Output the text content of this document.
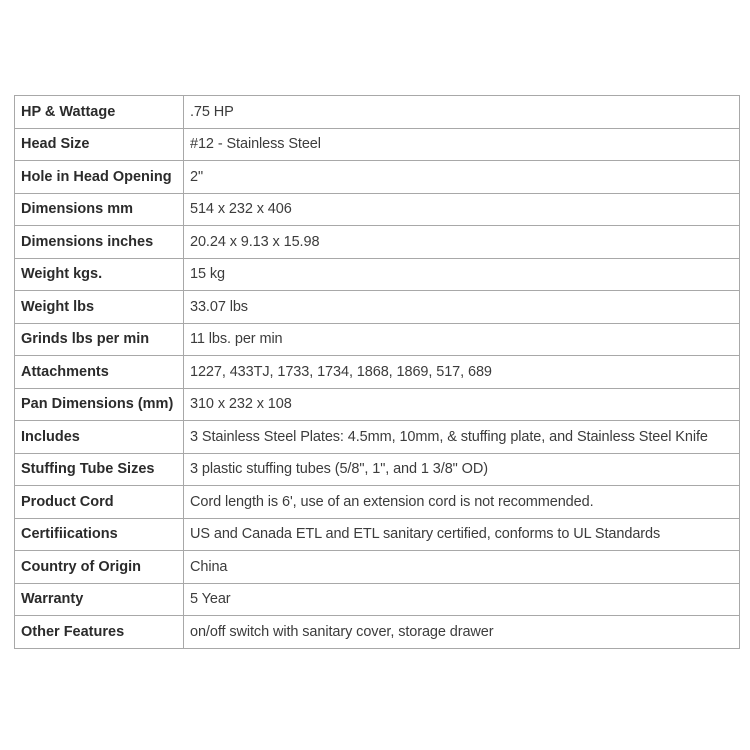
HP & Wattage	.75 HP
Head Size	#12 - Stainless Steel
Hole in Head Opening	2"
Dimensions mm	514 x 232 x 406
Dimensions inches	20.24 x 9.13 x 15.98
Weight kgs.	15 kg
Weight lbs	33.07 lbs
Grinds lbs per min	11 lbs. per min
Attachments	1227, 433TJ, 1733, 1734, 1868, 1869, 517, 689
Pan Dimensions (mm)	310 x 232 x 108
Includes	3 Stainless Steel Plates: 4.5mm, 10mm, & stuffing plate, and Stainless Steel Knife
Stuffing Tube Sizes	3 plastic stuffing tubes (5/8", 1", and 1 3/8" OD)
Product Cord	Cord length is 6', use of an extension cord is not recommended.
Certifiications	US and Canada ETL and ETL sanitary certified, conforms to UL Standards
Country of Origin	China
Warranty	5 Year
Other Features	on/off switch with sanitary cover, storage drawer
